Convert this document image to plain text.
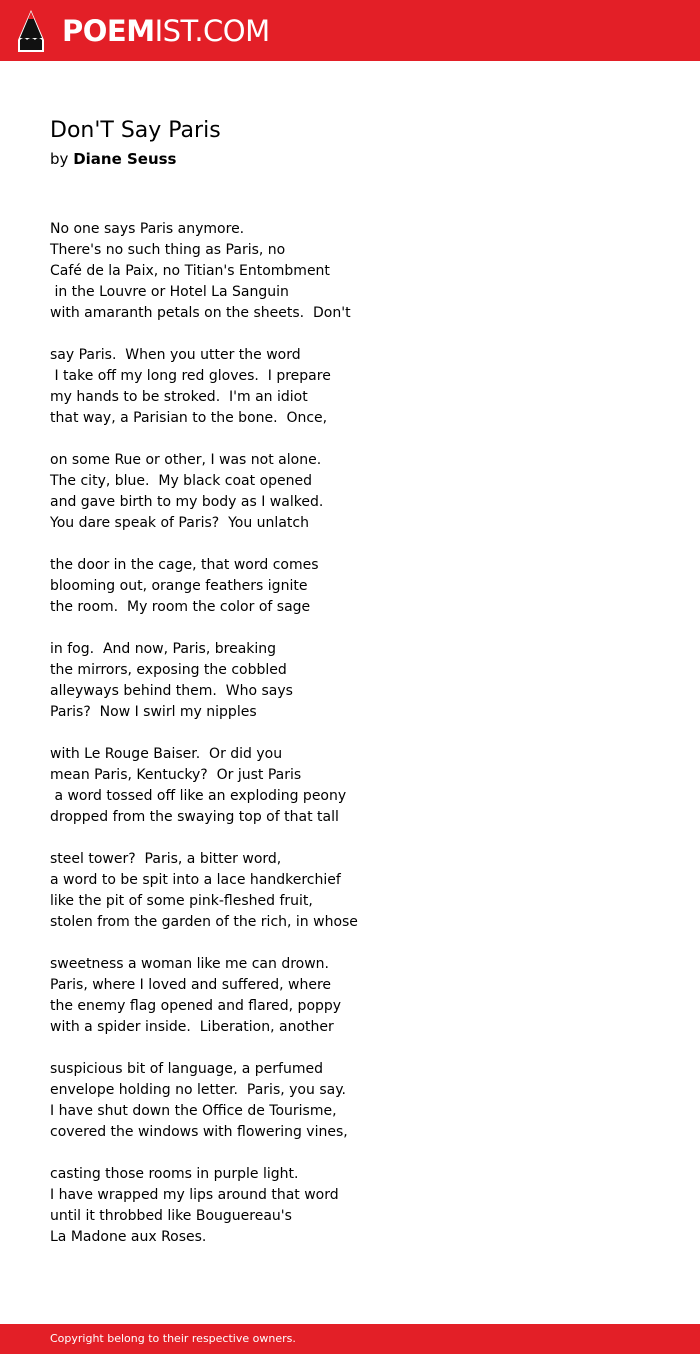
POEMIST.COM
Don'T Say Paris
by Diane Seuss
No one says Paris anymore.
There's no such thing as Paris, no
Café de la Paix, no Titian's Entombment
in the Louvre or Hotel La Sanguin
with amaranth petals on the sheets.  Don't
say Paris.  When you utter the word
I take off my long red gloves.  I prepare
my hands to be stroked.  I'm an idiot
that way, a Parisian to the bone.  Once,
on some Rue or other, I was not alone.
The city, blue.  My black coat opened
and gave birth to my body as I walked.
You dare speak of Paris?  You unlatch
the door in the cage, that word comes
blooming out, orange feathers ignite
the room.  My room the color of sage
in fog.  And now, Paris, breaking
the mirrors, exposing the cobbled
alleyways behind them.  Who says
Paris?  Now I swirl my nipples
with Le Rouge Baiser.  Or did you
mean Paris, Kentucky?  Or just Paris
a word tossed off like an exploding peony
dropped from the swaying top of that tall
steel tower?  Paris, a bitter word,
a word to be spit into a lace handkerchief
like the pit of some pink-fleshed fruit,
stolen from the garden of the rich, in whose
sweetness a woman like me can drown.
Paris, where I loved and suffered, where
the enemy flag opened and flared, poppy
with a spider inside.  Liberation, another
suspicious bit of language, a perfumed
envelope holding no letter.  Paris, you say.
I have shut down the Office de Tourisme,
covered the windows with flowering vines,
casting those rooms in purple light.
I have wrapped my lips around that word
until it throbbed like Bouguereau's
La Madone aux Roses.
Copyright belong to their respective owners.
